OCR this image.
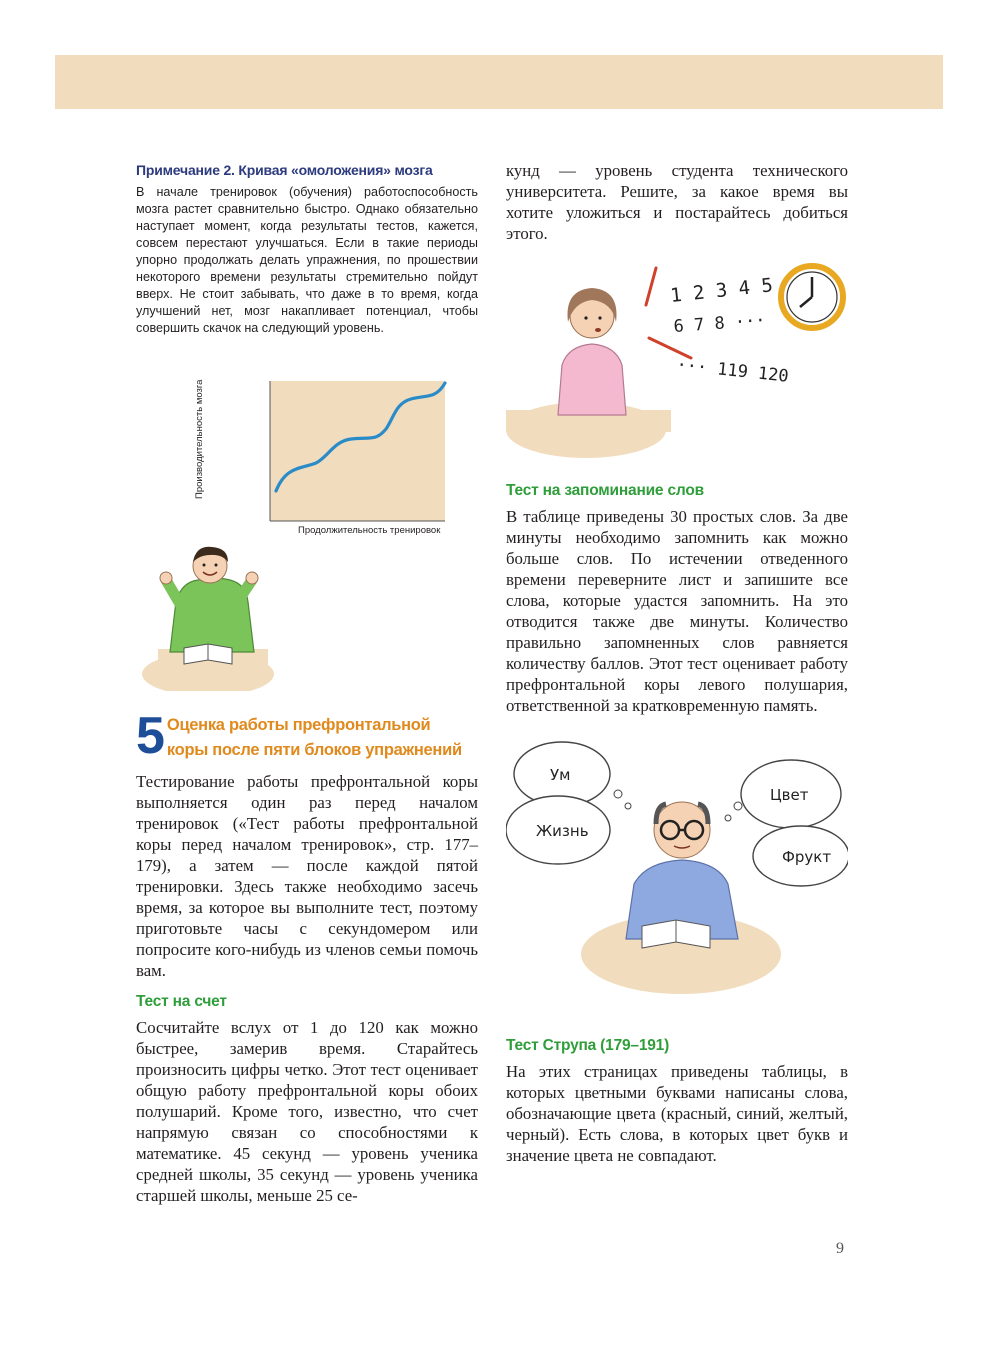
Примечание 2. Кривая «омоложения» мозга

В начале тренировок (обучения) работоспособность мозга растет сравнительно быстро. Однако обязательно наступает момент, когда результаты тестов, кажется, совсем перестают улучшаться. Если в такие периоды упорно продолжать делать упражнения, по прошествии некоторого времени результаты стремительно пойдут вверх. Не стоит забывать, что даже в то время, когда улучшений нет, мозг накапливает потенциал, чтобы совершить скачок на следующий уровень.

Производительность мозга
Продолжительность тренировок
5 Оценка работы префронтальной
коры после пяти блоков упражнений

Тестирование работы префронтальной коры выполняется один раз перед началом тренировок («Тест работы префронтальной коры перед началом тренировок», стр. 177–179), а затем — после каждой пятой тренировки. Здесь также необходимо засечь время, за которое вы выполните тест, поэтому приготовьте часы с секундомером или попросите кого-нибудь из членов семьи помочь вам.

Тест на счет

Сосчитайте вслух от 1 до 120 как можно быстрее, замерив время. Старайтесь произносить цифры четко. Этот тест оценивает общую работу префронтальной коры обоих полушарий. Кроме того, известно, что счет напрямую связан со способностями к математике. 45 секунд — уровень ученика средней школы, 35 секунд — уровень ученика старшей школы, меньше 25 се-

кунд — уровень студента технического университета. Решите, за какое время вы хотите уложиться и постарайтесь добиться этого.

1 2 3 4 5
6 7 8 ···
··· 119 120
Тест на запоминание слов

В таблице приведены 30 простых слов. За две минуты необходимо запомнить как можно больше слов. По истечении отведенного времени переверните лист и запишите все слова, которые удастся запомнить. На это отводится также две минуты. Количество правильно запомненных слов равняется количеству баллов. Этот тест оценивает работу префронтальной коры левого полушария, ответственной за кратковременную память.

Ум
Жизнь
Цвет
Фрукт
Тест Струпа (179–191)

На этих страницах приведены таблицы, в которых цветными буквами написаны слова, обозначающие цвета (красный, синий, желтый, черный). Есть слова, в которых цвет букв и значение цвета не совпадают.

9
